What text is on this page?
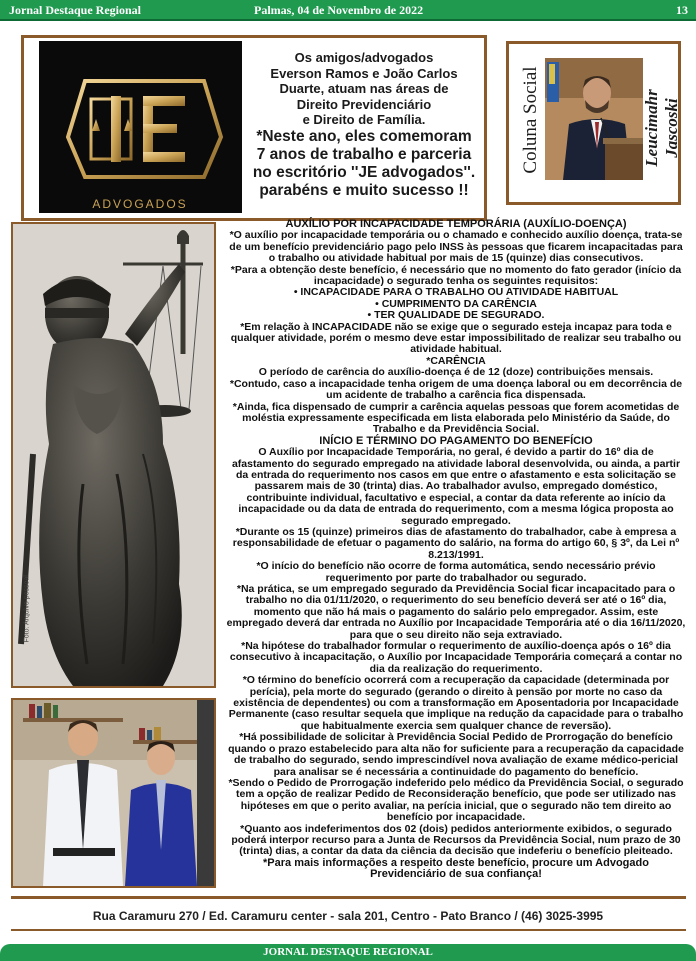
Jornal Destaque Regional	Palmas, 04 de Novembro de 2022	13
ADVOGADOS
Os amigos/advogados
Everson Ramos e João Carlos
Duarte, atuam nas áreas de
Direito Previdenciário
e Direito de Família.
*Neste ano, eles comemoram
7 anos de trabalho e parceria
no escritório ''JE advogados''.
parabéns e muito sucesso !!
Coluna Social	Leucimahr Jascoski
Foto: Arquivo pessoal

AUXÍLIO POR INCAPACIDADE TEMPORÁRIA (AUXÍLIO-DOENÇA)

*O auxílio por incapacidade temporária ou o chamado e conhecido auxílio doença, trata-se de um benefício previdenciário pago pelo INSS às pessoas que ficarem incapacitadas para o trabalho ou atividade habitual por mais de 15 (quinze) dias consecutivos.

*Para a obtenção deste benefício, é necessário que no momento do fato gerador (início da incapacidade) o segurado tenha os seguintes requisitos:

• INCAPACIDADE PARA O TRABALHO OU ATIVIDADE HABITUAL

• CUMPRIMENTO DA CARÊNCIA

• TER QUALIDADE DE SEGURADO.

*Em relação à INCAPACIDADE não se exige que o segurado esteja incapaz para toda e qualquer atividade, porém o mesmo deve estar impossibilitado de realizar seu trabalho ou atividade habitual.

*CARÊNCIA

O período de carência do auxílio-doença é de 12 (doze) contribuições mensais.

*Contudo, caso a incapacidade tenha origem de uma doença laboral ou em decorrência de um acidente de trabalho a carência fica dispensada.

*Ainda, fica dispensado de cumprir a carência aquelas pessoas que forem acometidas de moléstia expressamente especificada em lista elaborada pelo Ministério da Saúde, do Trabalho e da Previdência Social.

INÍCIO E TÉRMINO DO PAGAMENTO DO BENEFÍCIO

O Auxílio por Incapacidade Temporária, no geral, é devido a partir do 16º dia de afastamento do segurado empregado na atividade laboral desenvolvida, ou ainda, a partir da entrada do requerimento nos casos em que entre o afastamento e esta solicitação se passarem mais de 30 (trinta) dias. Ao trabalhador avulso, empregado doméstico, contribuinte individual, facultativo e especial, a contar da data referente ao início da incapacidade ou da data de entrada do requerimento, com a mesma lógica proposta ao segurado empregado.

*Durante os 15 (quinze) primeiros dias de afastamento do trabalhador, cabe à empresa a responsabilidade de efetuar o pagamento do salário, na forma do artigo 60, § 3º, da Lei nº 8.213/1991.

*O início do benefício não ocorre de forma automática, sendo necessário prévio requerimento por parte do trabalhador ou segurado.

*Na prática, se um empregado segurado da Previdência Social ficar incapacitado para o trabalho no dia 01/11/2020, o requerimento do seu benefício deverá ser até o 16º dia, momento que não há mais o pagamento do salário pelo empregador. Assim, este empregado deverá dar entrada no Auxílio por Incapacidade Temporária até o dia 16/11/2020, para que o seu direito não seja extraviado.

*Na hipótese do trabalhador formular o requerimento de auxílio-doença após o 16º dia consecutivo à incapacitação, o Auxílio por Incapacidade Temporária começará a contar no dia da realização do requerimento.

*O término do benefício ocorrerá com a recuperação da capacidade (determinada por perícia), pela morte do segurado (gerando o direito à pensão por morte no caso da existência de dependentes) ou com a transformação em Aposentadoria por Incapacidade Permanente (caso resultar sequela que implique na redução da capacidade para o trabalho que habitualmente exercia sem qualquer chance de reversão).

*Há possibilidade de solicitar à Previdência Social Pedido de Prorrogação do benefício quando o prazo estabelecido para alta não for suficiente para a recuperação da capacidade de trabalho do segurado, sendo imprescindível nova avaliação de exame médico-pericial para analisar se é necessária a continuidade do pagamento do benefício.

*Sendo o Pedido de Prorrogação indeferido pelo médico da Previdência Social, o segurado tem a opção de realizar Pedido de Reconsideração benefício, que pode ser utilizado nas hipóteses em que o perito avaliar, na perícia inicial, que o segurado não tem direito ao benefício por incapacidade.

*Quanto aos indeferimentos dos 02 (dois) pedidos anteriormente exibidos, o segurado poderá interpor recurso para a Junta de Recursos da Previdência Social, num prazo de 30 (trinta) dias, a contar da data da ciência da decisão que indeferiu o benefício pleiteado.

*Para mais informações a respeito deste benefício, procure um Advogado Previdenciário de sua confiança!

Rua Caramuru 270 / Ed. Caramuru center - sala 201, Centro - Pato Branco / (46) 3025-3995
JORNAL DESTAQUE REGIONAL
